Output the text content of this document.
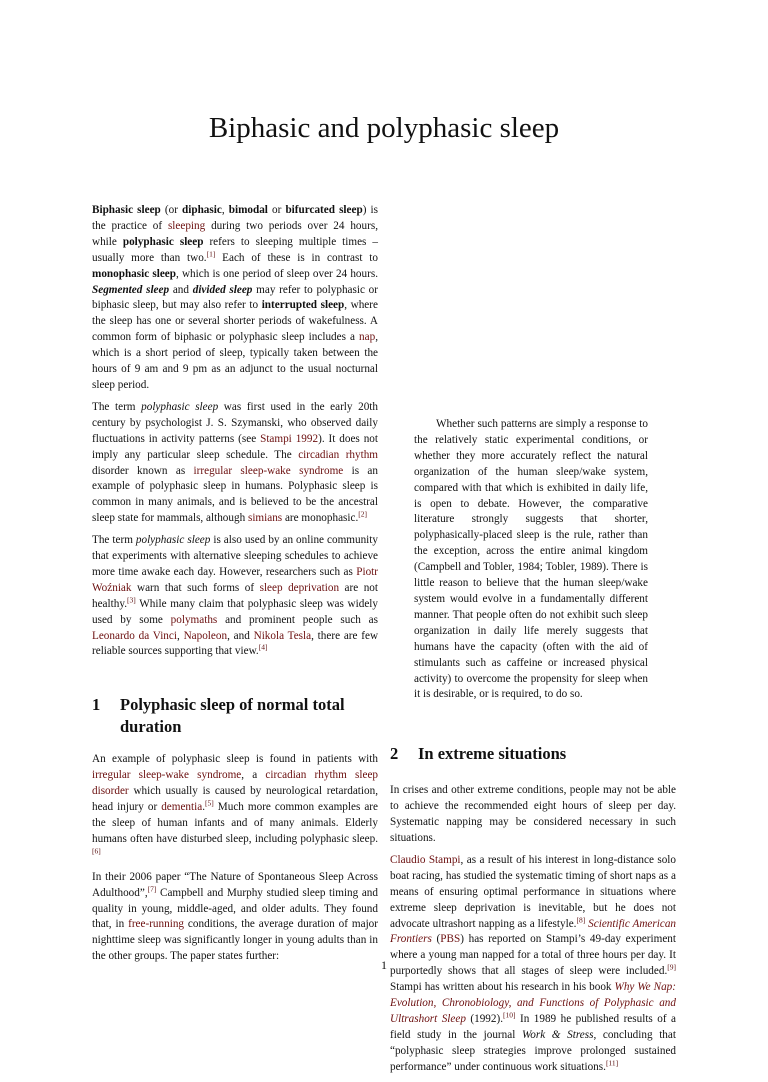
Biphasic and polyphasic sleep

Biphasic sleep (or diphasic, bimodal or bifurcated sleep) is the practice of sleeping during two periods over 24 hours, while polyphasic sleep refers to sleeping multiple times – usually more than two.[1] Each of these is in contrast to monophasic sleep, which is one period of sleep over 24 hours. Segmented sleep and divided sleep may refer to polyphasic or biphasic sleep, but may also refer to interrupted sleep, where the sleep has one or several shorter periods of wakefulness. A common form of biphasic or polyphasic sleep includes a nap, which is a short period of sleep, typically taken between the hours of 9 am and 9 pm as an adjunct to the usual nocturnal sleep period.

The term polyphasic sleep was first used in the early 20th century by psychologist J. S. Szymanski, who observed daily fluctuations in activity patterns (see Stampi 1992). It does not imply any particular sleep schedule. The circadian rhythm disorder known as irregular sleep-wake syndrome is an example of polyphasic sleep in humans. Polyphasic sleep is common in many animals, and is believed to be the ancestral sleep state for mammals, although simians are monophasic.[2]

The term polyphasic sleep is also used by an online community that experiments with alternative sleeping schedules to achieve more time awake each day. However, researchers such as Piotr Woźniak warn that such forms of sleep deprivation are not healthy.[3] While many claim that polyphasic sleep was widely used by some polymaths and prominent people such as Leonardo da Vinci, Napoleon, and Nikola Tesla, there are few reliable sources supporting that view.[4]

1 Polyphasic sleep of normal total duration

An example of polyphasic sleep is found in patients with irregular sleep-wake syndrome, a circadian rhythm sleep disorder which usually is caused by neurological retardation, head injury or dementia.[5] Much more common examples are the sleep of human infants and of many animals. Elderly humans often have disturbed sleep, including polyphasic sleep.[6]

In their 2006 paper “The Nature of Spontaneous Sleep Across Adulthood”,[7] Campbell and Murphy studied sleep timing and quality in young, middle-aged, and older adults. They found that, in free-running conditions, the average duration of major nighttime sleep was significantly longer in young adults than in the other groups. The paper states further:

Whether such patterns are simply a response to the relatively static experimental conditions, or whether they more accurately reflect the natural organization of the human sleep/wake system, compared with that which is exhibited in daily life, is open to debate. However, the comparative literature strongly suggests that shorter, polyphasically-placed sleep is the rule, rather than the exception, across the entire animal kingdom (Campbell and Tobler, 1984; Tobler, 1989). There is little reason to believe that the human sleep/wake system would evolve in a fundamentally different manner. That people often do not exhibit such sleep organization in daily life merely suggests that humans have the capacity (often with the aid of stimulants such as caffeine or increased physical activity) to overcome the propensity for sleep when it is desirable, or is required, to do so.
2 In extreme situations

In crises and other extreme conditions, people may not be able to achieve the recommended eight hours of sleep per day. Systematic napping may be considered necessary in such situations.

Claudio Stampi, as a result of his interest in long-distance solo boat racing, has studied the systematic timing of short naps as a means of ensuring optimal performance in situations where extreme sleep deprivation is inevitable, but he does not advocate ultrashort napping as a lifestyle.[8] Scientific American Frontiers (PBS) has reported on Stampi’s 49-day experiment where a young man napped for a total of three hours per day. It purportedly shows that all stages of sleep were included.[9] Stampi has written about his research in his book Why We Nap: Evolution, Chronobiology, and Functions of Polyphasic and Ultrashort Sleep (1992).[10] In 1989 he published results of a field study in the journal Work & Stress, concluding that “polyphasic sleep strategies improve prolonged sustained performance” under continuous work situations.[11]

1
